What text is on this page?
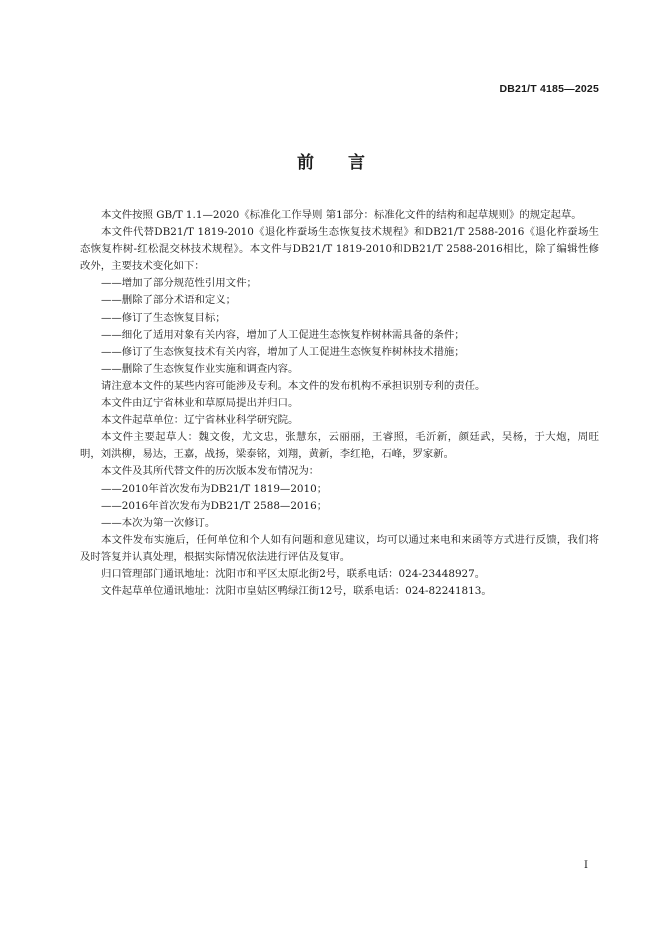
DB21/T 4185—2025
前 言

本文件按照 GB/T 1.1—2020《标准化工作导则 第1部分：标准化文件的结构和起草规则》的规定起草。

本文件代替DB21/T 1819-2010《退化柞蚕场生态恢复技术规程》和DB21/T 2588-2016《退化柞蚕场生态恢复柞树-红松混交林技术规程》。本文件与DB21/T 1819-2010和DB21/T 2588-2016相比，除了编辑性修改外，主要技术变化如下：

——增加了部分规范性引用文件；

——删除了部分术语和定义；

——修订了生态恢复目标；

——细化了适用对象有关内容，增加了人工促进生态恢复柞树林需具备的条件；

——修订了生态恢复技术有关内容，增加了人工促进生态恢复柞树林技术措施；

——删除了生态恢复作业实施和调查内容。

请注意本文件的某些内容可能涉及专利。本文件的发布机构不承担识别专利的责任。

本文件由辽宁省林业和草原局提出并归口。

本文件起草单位：辽宁省林业科学研究院。

本文件主要起草人：魏文俊，尤文忠，张慧东，云丽丽，王睿照，毛沂新，颜廷武，吴杨，于大炮，周旺明，刘洪柳，易达，王嘉，战扬，梁泰铭，刘翔，黄新，李红艳，石峰，罗家新。

本文件及其所代替文件的历次版本发布情况为：

——2010年首次发布为DB21/T 1819—2010；

——2016年首次发布为DB21/T 2588—2016；

——本次为第一次修订。

本文件发布实施后，任何单位和个人如有问题和意见建议，均可以通过来电和来函等方式进行反馈，我们将及时答复并认真处理，根据实际情况依法进行评估及复审。

归口管理部门通讯地址：沈阳市和平区太原北街2号，联系电话：024-23448927。

文件起草单位通讯地址：沈阳市皇姑区鸭绿江街12号，联系电话：024-82241813。

I
